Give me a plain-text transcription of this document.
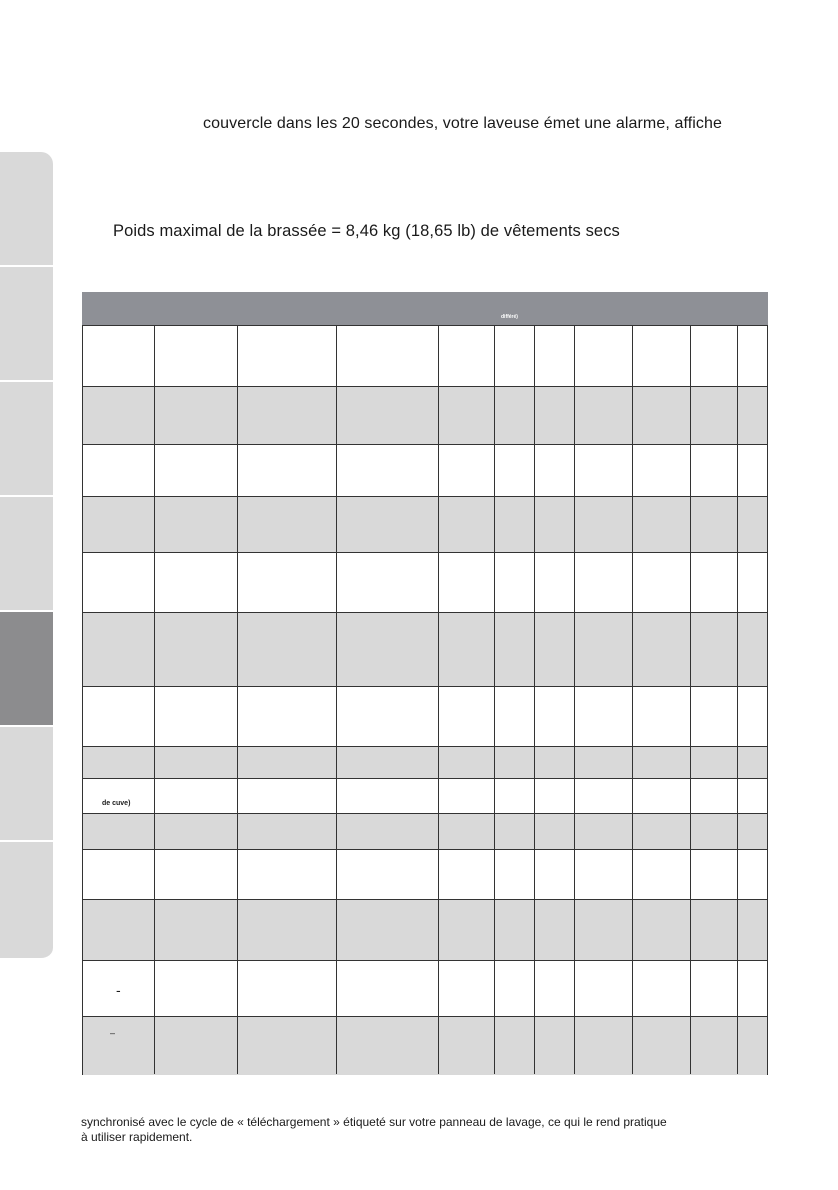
couvercle dans les 20 secondes, votre laveuse émet une alarme, affiche
Poids maximal de la brassée = 8,46 kg (18,65 lb) de vêtements secs
différé)
de cuve)
-
–
synchronisé avec le cycle de « téléchargement » étiqueté sur votre panneau de lavage, ce qui le rend pratique
à utiliser rapidement.
